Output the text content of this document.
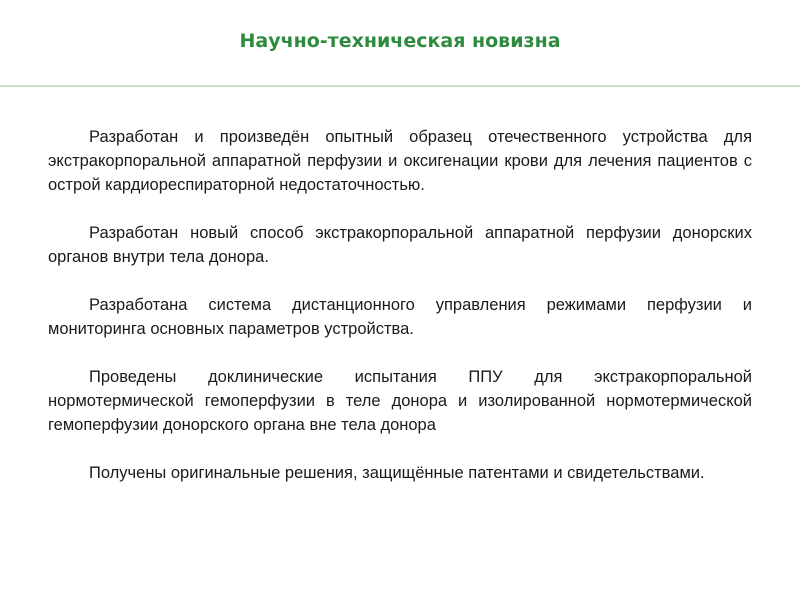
Научно-техническая новизна

Разработан и произведён опытный образец отечественного устройства для экстракорпоральной аппаратной перфузии и оксигенации крови для лечения пациентов с острой кардиореспираторной недостаточностью.

Разработан новый способ экстракорпоральной аппаратной перфузии донорских органов внутри тела донора.

Разработана система дистанционного управления режимами перфузии и мониторинга основных параметров устройства.

Проведены доклинические испытания ППУ для экстракорпоральной нормотермической гемоперфузии в теле донора и изолированной нормотермической гемоперфузии донорского органа вне тела донора

Получены оригинальные решения, защищённые патентами и свидетельствами.
